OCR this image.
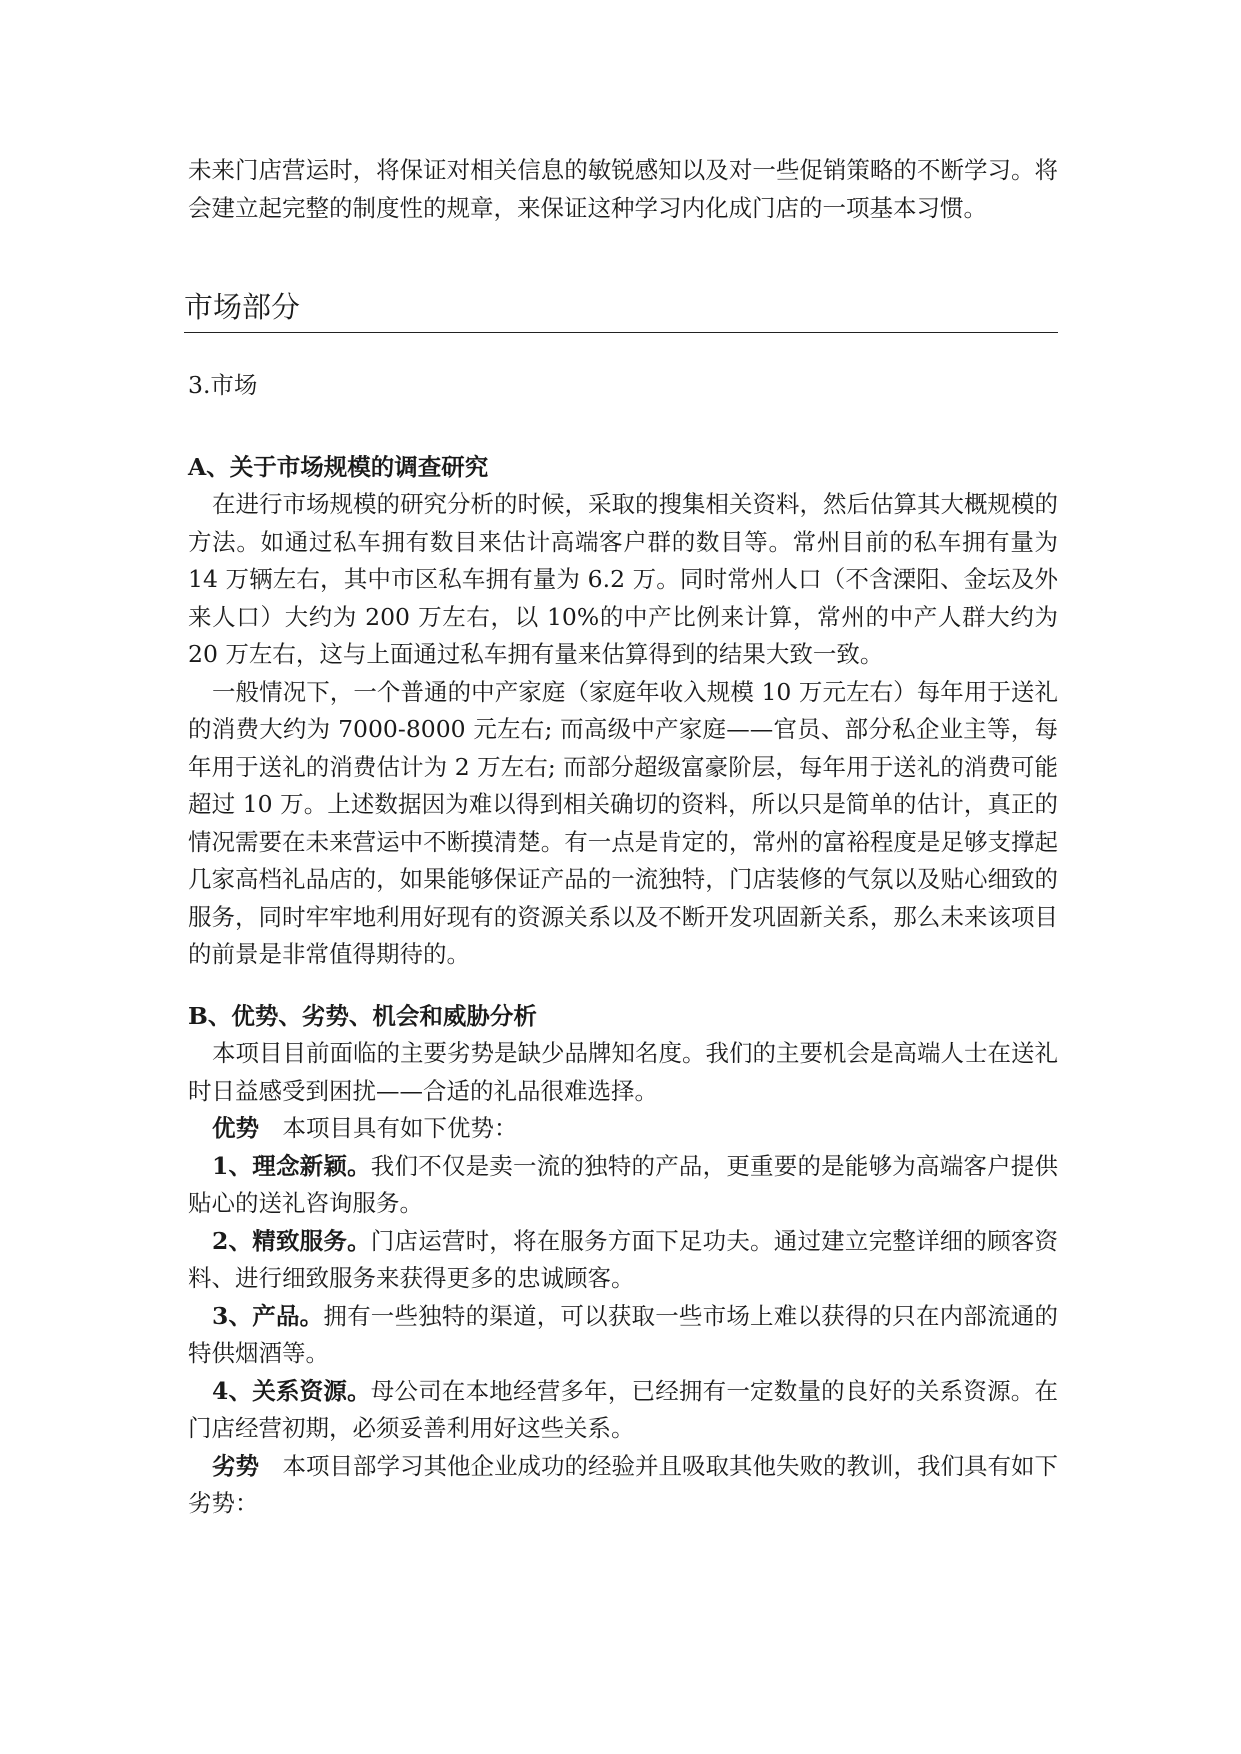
未来门店营运时，将保证对相关信息的敏锐感知以及对一些促销策略的不断学习。将会建立起完整的制度性的规章，来保证这种学习内化成门店的一项基本习惯。

市场部分

3.市场

A、关于市场规模的调查研究

在进行市场规模的研究分析的时候，采取的搜集相关资料，然后估算其大概规模的方法。如通过私车拥有数目来估计高端客户群的数目等。常州目前的私车拥有量为 14 万辆左右，其中市区私车拥有量为 6.2 万。同时常州人口（不含溧阳、金坛及外来人口）大约为 200 万左右，以 10%的中产比例来计算，常州的中产人群大约为 20 万左右，这与上面通过私车拥有量来估算得到的结果大致一致。

一般情况下，一个普通的中产家庭（家庭年收入规模 10 万元左右）每年用于送礼的消费大约为 7000-8000 元左右; 而高级中产家庭——官员、部分私企业主等，每年用于送礼的消费估计为 2 万左右; 而部分超级富豪阶层，每年用于送礼的消费可能超过 10 万。上述数据因为难以得到相关确切的资料，所以只是简单的估计，真正的情况需要在未来营运中不断摸清楚。有一点是肯定的，常州的富裕程度是足够支撑起几家高档礼品店的，如果能够保证产品的一流独特，门店装修的气氛以及贴心细致的服务，同时牢牢地利用好现有的资源关系以及不断开发巩固新关系，那么未来该项目的前景是非常值得期待的。

B、优势、劣势、机会和威胁分析

本项目目前面临的主要劣势是缺少品牌知名度。我们的主要机会是高端人士在送礼时日益感受到困扰——合适的礼品很难选择。

优势　 本项目具有如下优势：

1、理念新颖。我们不仅是卖一流的独特的产品，更重要的是能够为高端客户提供贴心的送礼咨询服务。

2、精致服务。门店运营时，将在服务方面下足功夫。通过建立完整详细的顾客资料、进行细致服务来获得更多的忠诚顾客。

3、产品。拥有一些独特的渠道，可以获取一些市场上难以获得的只在内部流通的特供烟酒等。

4、关系资源。母公司在本地经营多年，已经拥有一定数量的良好的关系资源。在门店经营初期，必须妥善利用好这些关系。

劣势　 本项目部学习其他企业成功的经验并且吸取其他失败的教训，我们具有如下劣势：
